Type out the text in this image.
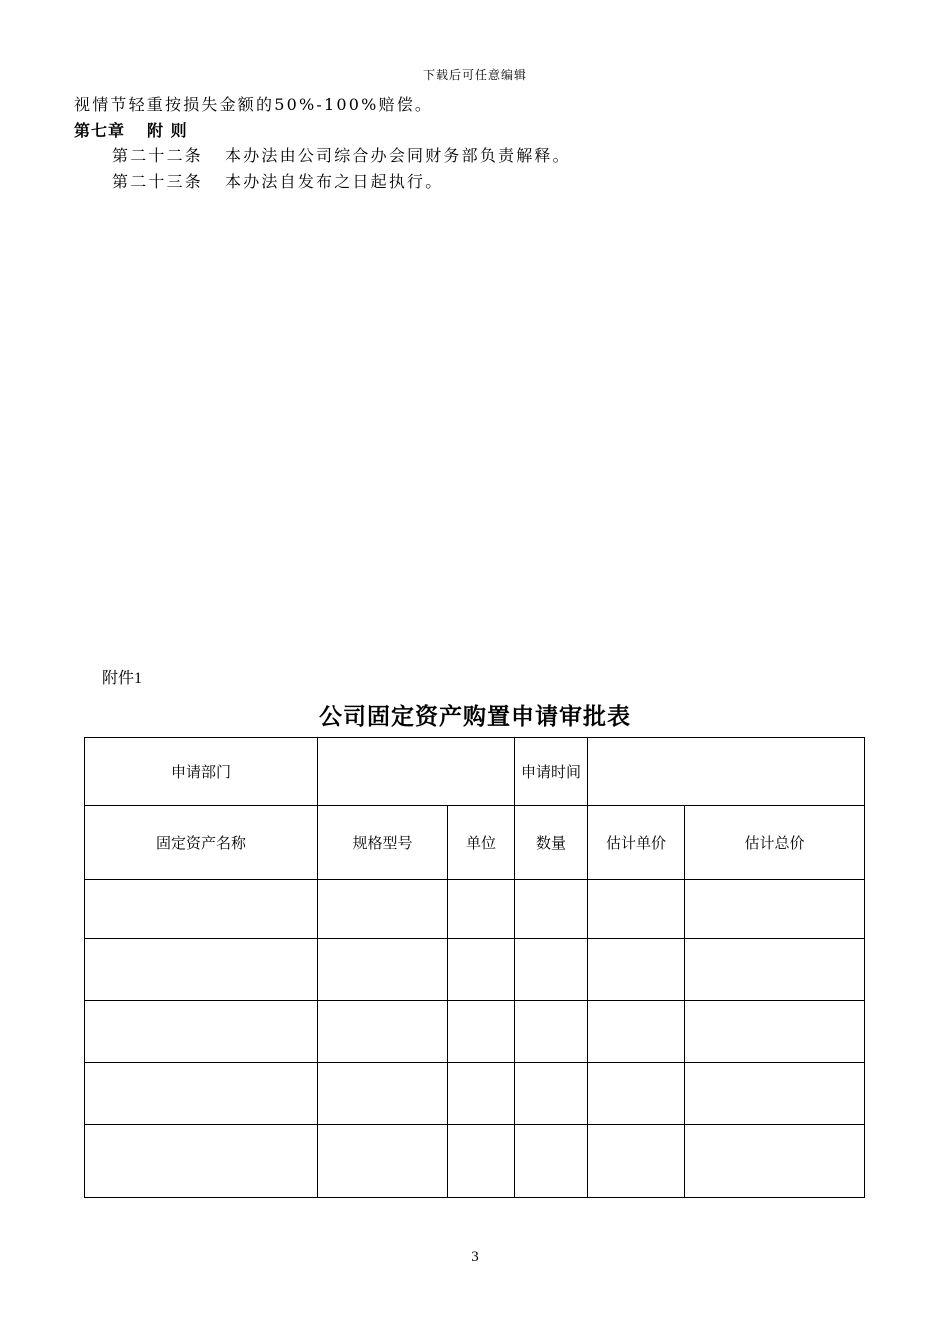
下载后可任意编辑
视情节轻重按损失金额的50%-100%赔偿。
第七章 附 则
第二十二条 本办法由公司综合办会同财务部负责解释。
第二十三条 本办法自发布之日起执行。
附件1
公司固定资产购置申请审批表
申请部门			申请时间		
固定资产名称	规格型号	单位	数量	估计单价	估计总价

3
